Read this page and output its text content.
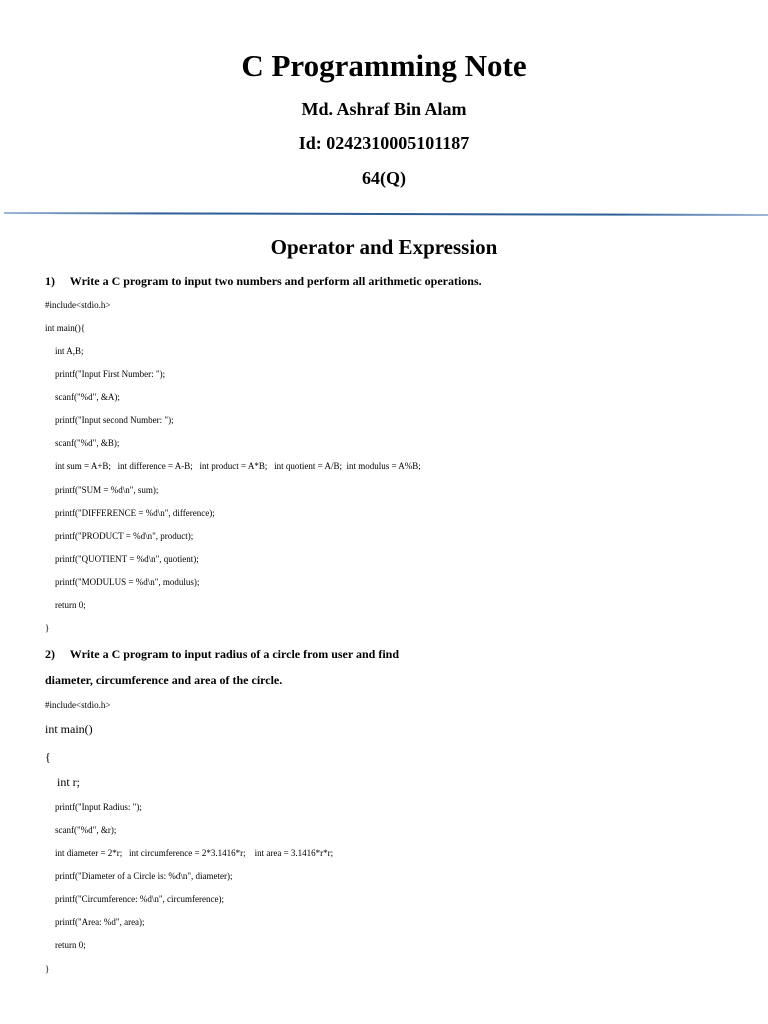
C Programming Note
Md. Ashraf Bin Alam
Id: 0242310005101187
64(Q)
Operator and Expression
1) Write a C program to input two numbers and perform all arithmetic operations.
#include<stdio.h>
int main(){
int A,B;
printf("Input First Number: ");
scanf("%d", &A);
printf("Input second Number: ");
scanf("%d", &B);
int sum = A+B;   int difference = A-B;   int product = A*B;   int quotient = A/B;  int modulus = A%B;
printf("SUM = %d\n", sum);
printf("DIFFERENCE = %d\n", difference);
printf("PRODUCT = %d\n", product);
printf("QUOTIENT = %d\n", quotient);
printf("MODULUS = %d\n", modulus);
return 0;
}
2) Write a C program to input radius of a circle from user and find
diameter, circumference and area of the circle.
#include<stdio.h>
int main()
{
int r;
printf("Input Radius: ");
scanf("%d", &r);
int diameter = 2*r;   int circumference = 2*3.1416*r;    int area = 3.1416*r*r;
printf("Diameter of a Circle is: %d\n", diameter);
printf("Circumference: %d\n", circumference);
printf("Area: %d", area);
return 0;
}
